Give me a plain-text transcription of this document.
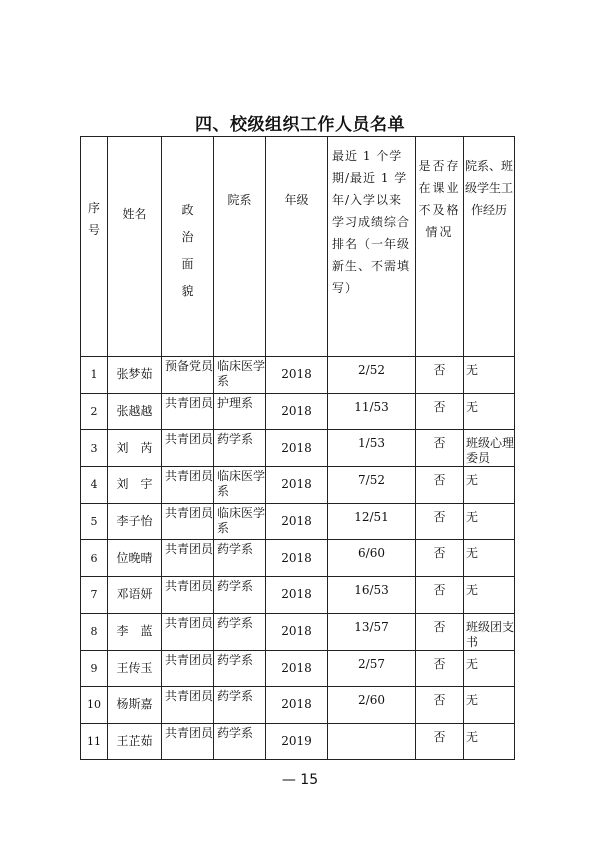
四、校级组织工作人员名单
序号	姓名	政治面貌	院系	年级	最近 1 个学期/最近 1 学年/入学以来学习成绩综合排名（一年级新生、不需填写）	是否存在课业不及格情况	院系、班级学生工作经历
1	张梦茹	预备党员	临床医学系	2018	2/52	否	无
2	张越越	共青团员	护理系	2018	11/53	否	无
3	刘　芮	共青团员	药学系	2018	1/53	否	班级心理委员
4	刘　宇	共青团员	临床医学系	2018	7/52	否	无
5	李子怡	共青团员	临床医学系	2018	12/51	否	无
6	位晚晴	共青团员	药学系	2018	6/60	否	无
7	邓语妍	共青团员	药学系	2018	16/53	否	无
8	李　蓝	共青团员	药学系	2018	13/57	否	班级团支书
9	王传玉	共青团员	药学系	2018	2/57	否	无
10	杨斯嘉	共青团员	药学系	2018	2/60	否	无
11	王芷茹	共青团员	药学系	2019		否	无
— 15
